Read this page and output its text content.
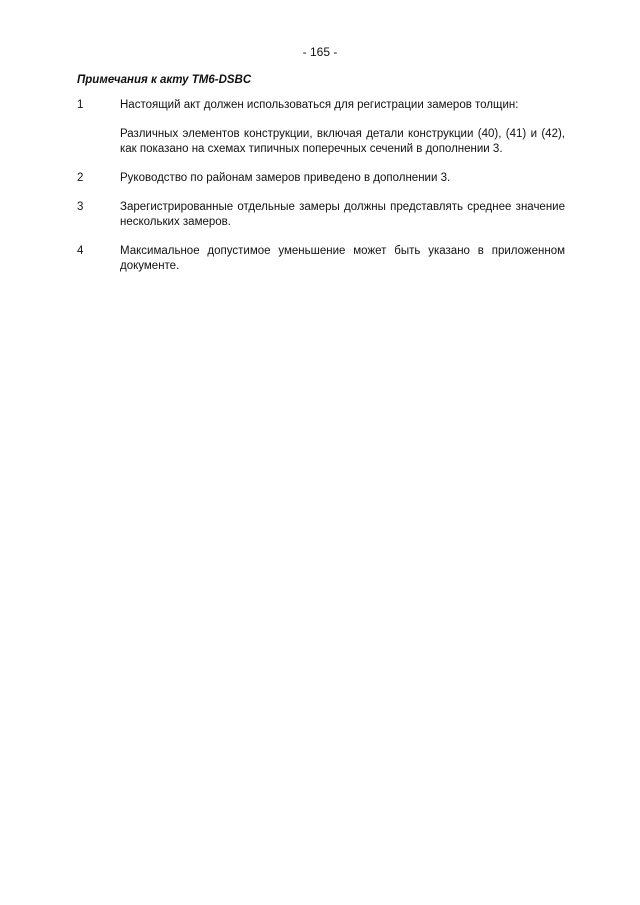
- 165 -
Примечания к акту TM6-DSBC
1	Настоящий акт должен использоваться для регистрации замеров толщин:

Различных элементов конструкции, включая детали конструкции (40), (41) и (42), как показано на схемах типичных поперечных сечений в дополнении 3.

2	Руководство по районам замеров приведено в дополнении 3.

3	Зарегистрированные отдельные замеры должны представлять среднее значение нескольких замеров.

4	Максимальное допустимое уменьшение может быть указано в приложенном документе.
